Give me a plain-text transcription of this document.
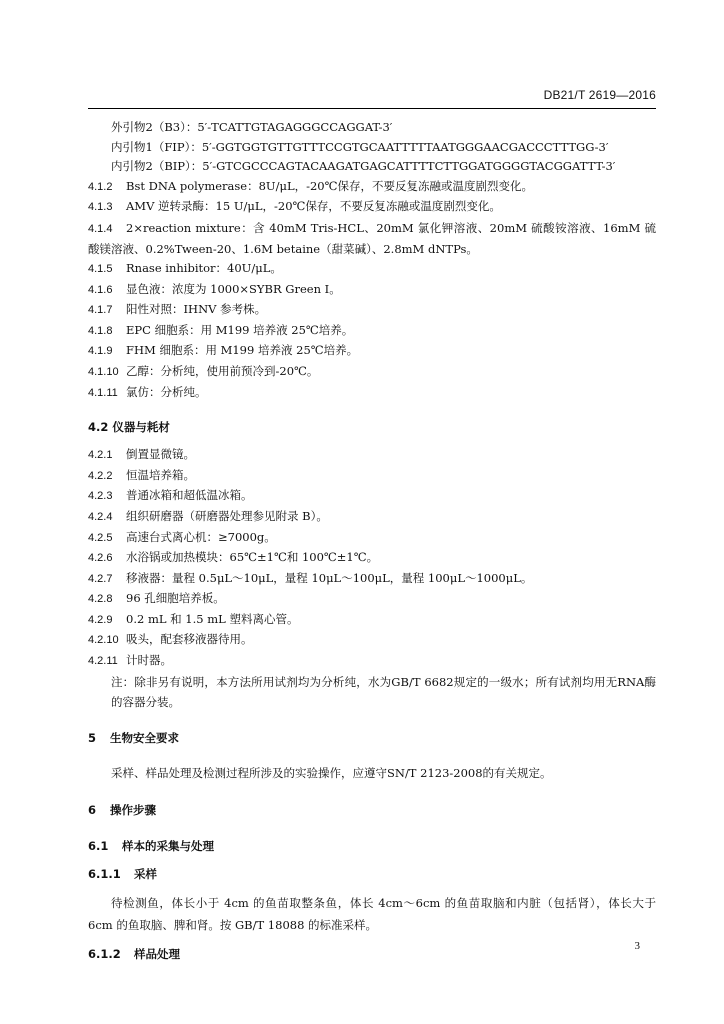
DB21/T 2619—2016
外引物2（B3）：5′-TCATTGTAGAGGGCCAGGAT-3′
内引物1（FIP）：5′-GGTGGTGTTGTTTCCGTGCAATTTTTAATGGGAACGACCCTTTGG-3′
内引物2（BIP）：5′-GTCGCCCAGTACAAGATGAGCATTTTCTTGGATGGGGTACGGATTT-3′
4.1.2 Bst DNA polymerase：8U/μL，-20℃保存，不要反复冻融或温度剧烈变化。
4.1.3 AMV 逆转录酶：15 U/μL，-20℃保存，不要反复冻融或温度剧烈变化。
4.1.4 2×reaction mixture：含 40mM Tris-HCL、20mM 氯化钾溶液、20mM 硫酸铵溶液、16mM 硫酸镁溶液、0.2%Tween-20、1.6M betaine（甜菜碱）、2.8mM dNTPs。
4.1.5 Rnase inhibitor：40U/μL。
4.1.6 显色液：浓度为 1000×SYBR Green Ⅰ。
4.1.7 阳性对照：IHNV 参考株。
4.1.8 EPC 细胞系：用 M199 培养液 25℃培养。
4.1.9 FHM 细胞系：用 M199 培养液 25℃培养。
4.1.10 乙醇：分析纯，使用前预冷到-20℃。
4.1.11 氯仿：分析纯。
4.2 仪器与耗材
4.2.1 倒置显微镜。
4.2.2 恒温培养箱。
4.2.3 普通冰箱和超低温冰箱。
4.2.4 组织研磨器（研磨器处理参见附录 B）。
4.2.5 高速台式离心机：≥7000g。
4.2.6 水浴锅或加热模块：65℃±1℃和 100℃±1℃。
4.2.7 移液器：量程 0.5μL～10μL，量程 10μL～100μL，量程 100μL～1000μL。
4.2.8 96 孔细胞培养板。
4.2.9 0.2 mL 和 1.5 mL 塑料离心管。
4.2.10 吸头，配套移液器待用。
4.2.11 计时器。
注：除非另有说明，本方法所用试剂均为分析纯，水为GB/T 6682规定的一级水；所有试剂均用无RNA酶的容器分装。
5 生物安全要求
采样、样品处理及检测过程所涉及的实验操作，应遵守SN/T 2123-2008的有关规定。
6 操作步骤
6.1 样本的采集与处理
6.1.1 采样
待检测鱼，体长小于 4cm 的鱼苗取整条鱼，体长 4cm～6cm 的鱼苗取脑和内脏（包括肾），体长大于 6cm 的鱼取脑、脾和肾。按 GB/T 18088 的标准采样。
6.1.2 样品处理
3
